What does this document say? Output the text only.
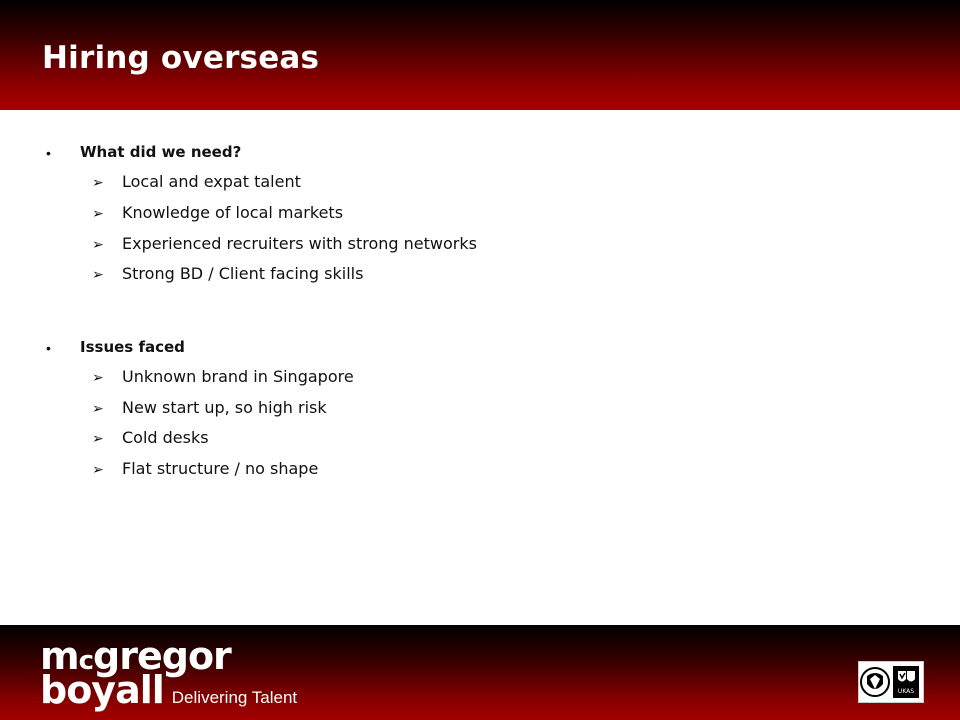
Hiring overseas
• What did we need?
➢ Local and expat talent
➢ Knowledge of local markets
➢ Experienced recruiters with strong networks
➢ Strong BD / Client facing skills
• Issues faced
➢ Unknown brand in Singapore
➢ New start up, so high risk
➢ Cold desks
➢ Flat structure / no shape
mcgregor
boyall Delivering Talent	UKAS
